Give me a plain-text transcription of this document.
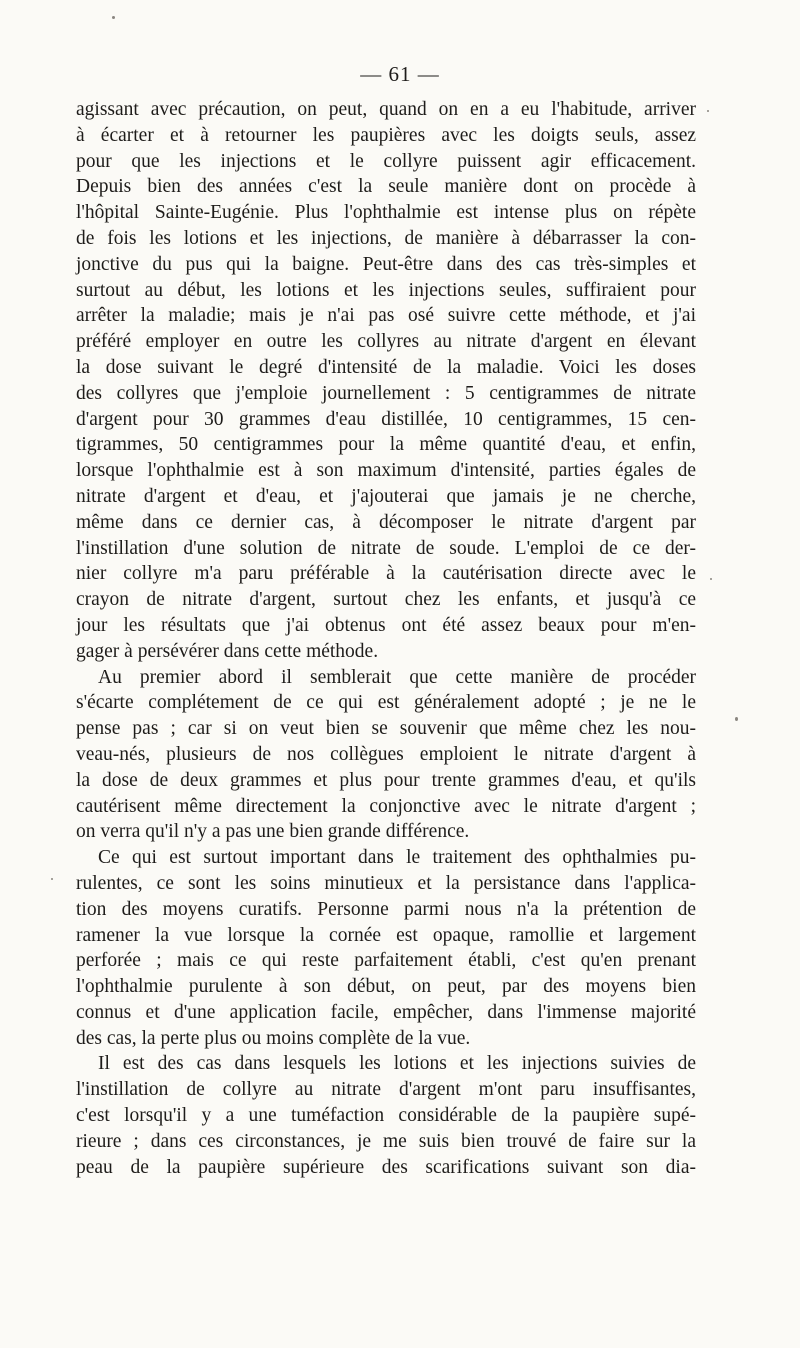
— 61 —
agissant avec précaution, on peut, quand on en a eu l'habitude, arriver
à écarter et à retourner les paupières avec les doigts seuls, assez
pour que les injections et le collyre puissent agir efficacement.
Depuis bien des années c'est la seule manière dont on procède à
l'hôpital Sainte-Eugénie. Plus l'ophthalmie est intense plus on répète
de fois les lotions et les injections, de manière à débarrasser la con-
jonctive du pus qui la baigne. Peut-être dans des cas très-simples et
surtout au début, les lotions et les injections seules, suffiraient pour
arrêter la maladie; mais je n'ai pas osé suivre cette méthode, et j'ai
préféré employer en outre les collyres au nitrate d'argent en élevant
la dose suivant le degré d'intensité de la maladie. Voici les doses
des collyres que j'emploie journellement : 5 centigrammes de nitrate
d'argent pour 30 grammes d'eau distillée, 10 centigrammes, 15 cen-
tigrammes, 50 centigrammes pour la même quantité d'eau, et enfin,
lorsque l'ophthalmie est à son maximum d'intensité, parties égales de
nitrate d'argent et d'eau, et j'ajouterai que jamais je ne cherche,
même dans ce dernier cas, à décomposer le nitrate d'argent par
l'instillation d'une solution de nitrate de soude. L'emploi de ce der-
nier collyre m'a paru préférable à la cautérisation directe avec le
crayon de nitrate d'argent, surtout chez les enfants, et jusqu'à ce
jour les résultats que j'ai obtenus ont été assez beaux pour m'en-
gager à persévérer dans cette méthode.
Au premier abord il semblerait que cette manière de procéder
s'écarte complétement de ce qui est généralement adopté ; je ne le
pense pas ; car si on veut bien se souvenir que même chez les nou-
veau-nés, plusieurs de nos collègues emploient le nitrate d'argent à
la dose de deux grammes et plus pour trente grammes d'eau, et qu'ils
cautérisent même directement la conjonctive avec le nitrate d'argent ;
on verra qu'il n'y a pas une bien grande différence.
Ce qui est surtout important dans le traitement des ophthalmies pu-
rulentes, ce sont les soins minutieux et la persistance dans l'applica-
tion des moyens curatifs. Personne parmi nous n'a la prétention de
ramener la vue lorsque la cornée est opaque, ramollie et largement
perforée ; mais ce qui reste parfaitement établi, c'est qu'en prenant
l'ophthalmie purulente à son début, on peut, par des moyens bien
connus et d'une application facile, empêcher, dans l'immense majorité
des cas, la perte plus ou moins complète de la vue.
Il est des cas dans lesquels les lotions et les injections suivies de
l'instillation de collyre au nitrate d'argent m'ont paru insuffisantes,
c'est lorsqu'il y a une tuméfaction considérable de la paupière supé-
rieure ; dans ces circonstances, je me suis bien trouvé de faire sur la
peau de la paupière supérieure des scarifications suivant son dia-
